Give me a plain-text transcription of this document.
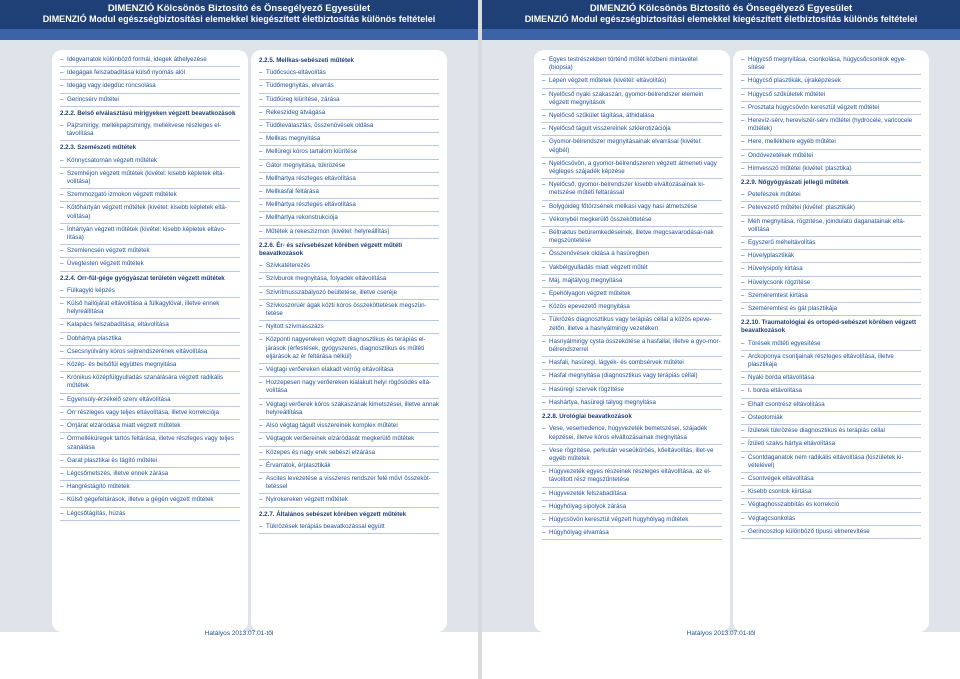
DIMENZIÓ Kölcsönös Biztosító és Önsegélyező Egyesület
DIMENZIÓ Modul egészségbiztosítási elemekkel kiegészített életbiztosítás különös feltételei
– Idegvarratok különböző formái, idegek áthelyezése
– Idegágak felszabadítása külső nyomás alól
– Idegág vagy idegdúc roncsolása
– Gerincsérv műtétei
2.2.2. Belső elválasztású mirigyeken végzett beavatkozások
– Pajzsmirigy, mellékpajzsmirigy, mellékvese részleges el-távolítása
2.2.3. Szemészeti műtétek
– Könnycsatornán végzett műtétek
– Szemhéjon végzett műtétek (kivétel: kisebb képletek eltá-volítása)
– Szemmozgató izmokon végzett műtétek
– Kötőhártyán végzett műtétek (kivétel: kisebb képletek eltá-volítása)
– Ínhártyán végzett műtétek (kivétel: kisebb képletek eltávo-lítása)
– Szemlencsén végzett műtétek
– Üvegtesten végzett műtétek
2.2.4. Orr-fül-gége gyógyászat területén végzett műtétek
– Fülkagyló képzés
– Külső hallójárat eltávolítása a fülkagylóval, illetve ennek helyreállítása
– Kalapács felszabadítása, eltávolítása
– Dobhártya plasztika
– Csecsnyúlvány kóros sejtrendszerének eltávolítása
– Közép- és belsőfül együttes megnyitása
– Krónikus középfülgyulladás szanálására végzett radikális műtétek
– Egyensúly-érzékelő szerv eltávolítása
– Orr részleges vagy teljes eltávolítása, illetve korrekciója
– Orrjárat elzáródása miatt végzett műtétek
– Orrmelléküregek tartós feltárása, illetve részleges vagy teljes szanálása
– Garat plasztikai és tágító műtétei
– Légcsőmetszés, illetve ennek zárása
– Hangréstágító műtétek
– Külső gégefeltárások, illetve a gégén végzett műtétek
– Légcsőtágítás, húzás
2.2.5. Mellkas-sebészeti műtétek
– Tüdőcsúcs-eltávolítás
– Tüdőmegnyitás, elvarrás
– Tüdőüreg kiürítése, zárása
– Rekeszideg átvágása
– Tüdőleválasztás, összenövések oldása
– Mellkas megnyitása
– Mellüregi kóros tartalom kiürítése
– Gátor megnyitása, tükrözése
– Mellhártya részleges eltávolítása
– Mellkasfal feltárása
– Mellhártya részleges eltávolítása
– Mellhártya rekonstrukciója
– Műtétek a rekeszizmon (kivétel: helyreállítás)
2.2.6. Ér- és szívsebészet körében végzett műtéti beavatkozások
– Szívkatéterezés
– Szívburok megnyitása, folyadék eltávolítása
– Szívritmusszabályozó beültetése, illetve cseréje
– Szívkoszorúér ágak közti kóros összeköttetések megszün-tetése
– Nyitott szívmasszázs
– Központi nagyereken végzett diagnosztikus és terápiás el-járások (érfestések, gyógyszeres, diagnosztikus és műtéti eljárások az ér feltárása nélkül)
– Végtagi verőereken elakadt vérrög eltávolítása
– Hozzepesen nagy verőereken kialakult helyi rögösödés eltá-volítása
– Végtagi verőerek kóros szakaszának kimetszései, illetve annak helyreállítása
– Alsó végtag tágult visszereinek komplex műtétei
– Végtagok verőereinek elzáródását megkerülő műtétek
– Közepes és nagy erek sebészi elzárása
– Érvarratok, érplasztikák
– Ascites levezetése a visszeres rendszer felé műví összeköt-tetéssel
– Nyirokereken végzett műtétek
2.2.7. Általános sebészet körében végzett műtétek
– Tükrözések terápiás beavatkozással együtt
Hatályos 2013.07.01-től
DIMENZIÓ Kölcsönös Biztosító és Önsegélyező Egyesület
DIMENZIÓ Modul egészségbiztosítási elemekkel kiegészített életbiztosítás különös feltételei
– Egyes testrészekben történő műtét közbeni mintavétel (biopsia)
– Lépen végzett műtétek (kivétel: eltávolítás)
– Nyelőcső nyaki szakaszán, gyomor-bélrendszer elemein végzett megnyitások
– Nyelőcső szűkület tágítása, áthidalása
– Nyelőcső tágult visszereinek szklerotizációja
– Gyomor-bélrendszer megnyitásainak elvarrásai (kivétel: végbél)
– Nyelőcsövön, a gyomor-bélrendszeren végzett átmeneti vagy végleges szájadék képzése
– Nyelőcső, gyomor-bélrendszer kisebb elváltozásainak ki-metszése műtéti feltárással
– Bolygóideg főtörzsének melkasi vagy hasi átmetszése
– Vékonybél megkerülő összeköttetése
– Béltraktus betüremkedéseinek, illetve megcsavarodásai-nak megszüntetése
– Összenövések oldása a hasüregben
– Vakbélgyulladás miatt végzett műtét
– Máj, májtályog megnyitása
– Epehólyagon végzett műtétek
– Közös epevezető megnyitása
– Tükrözés diagnosztikus vagy terápiás céllal a közös epeve-zetőn, illetve a hasnyálmirigy vezetéken
– Hasnyálmirigy cysta összekötése a hasfallal, illetve a gyo-mor-bélrendszerrel
– Hasfali, hasüregi, lágyék- és combsérvek műtétei
– Hasfal megnyitása (diagnosztikus vagy terápiás céllal)
– Hasüregi szervek rögzítése
– Hashártya, hasüregi tályog megnyitása
2.2.8. Urológiai beavatkozások
– Vese, vesemedence, húgyvezeték bemetszései, szájadék képzései, illetve kóros elváltozásainak megnyitása
– Vese rögzítése, perkután veseüköröés, kőeltávolítás, illet-ve egyéb műtétek
– Húgyvezeték egyes részeinek részleges eltávolítása, az el-távolított rész megszűntetése
– Húgyvezeték felszabadítása
– Húgyhólyag sipolyok zárása
– Húgycsövön keresztül végzett húgyhólyag műtétek
– Húgyhólyag elvarrása
– Húgycső megnyitása, csonkolása, húgycsőcsonkok egye-sítése
– Húgycső plasztikák, újraképzések
– Húgycső szűkületek műtétei
– Prosztata húgycsövön keresztül végzett műtétei
– Herevíz-sérv, hereviszér-sérv műtétei (hydrocele, varicocele műtétek)
– Here, mellékhere egyéb műtétei
– Ondóvezetékek műtétei
– Hímvesszö műtétei (kivétel: plasztika)
2.2.9. Nőgyógyászati jellegű műtétek
– Petefészek műtétei
– Petevezető műtétei (kivétel: plasztikák)
– Méh megnyitása, rögzítése, jóindulatú daganatainak eltá-volítása
– Egyszerű méheltávolítás
– Hüvelyplasztikák
– Hüvelysipoly kirtása
– Hüvelycsonk rögzítése
– Szeméremtest kirtása
– Szeméremtest és gát plasztikája
2.2.10. Traumatológiai és ortopéd-sebészet körében végzett beavatkozások
– Törések műtéti egyesítése
– Arckoponya csontjainak részleges eltávolítása, illetve plasztikája
– Nyaki borda eltávolítása
– I. borda eltávolítása
– Elhalt csontrész eltávolítása
– Osteotomiák
– Ízületek tükrözése diagnosztikus és terápiás céllal
– Ízületi szalvs hártya eltávolítása
– Csontdaganatok nem radikális eltávolítása (kiszületek ki-vételével)
– Csontvégek eltávolítása
– Kisebb csontok kiirtása
– Végtaghosszabbítás és korrekció
– Végtagcsonkolás
– Gerincoszlop különböző típusú elmerevítése
Hatályos 2013.07.01-től
